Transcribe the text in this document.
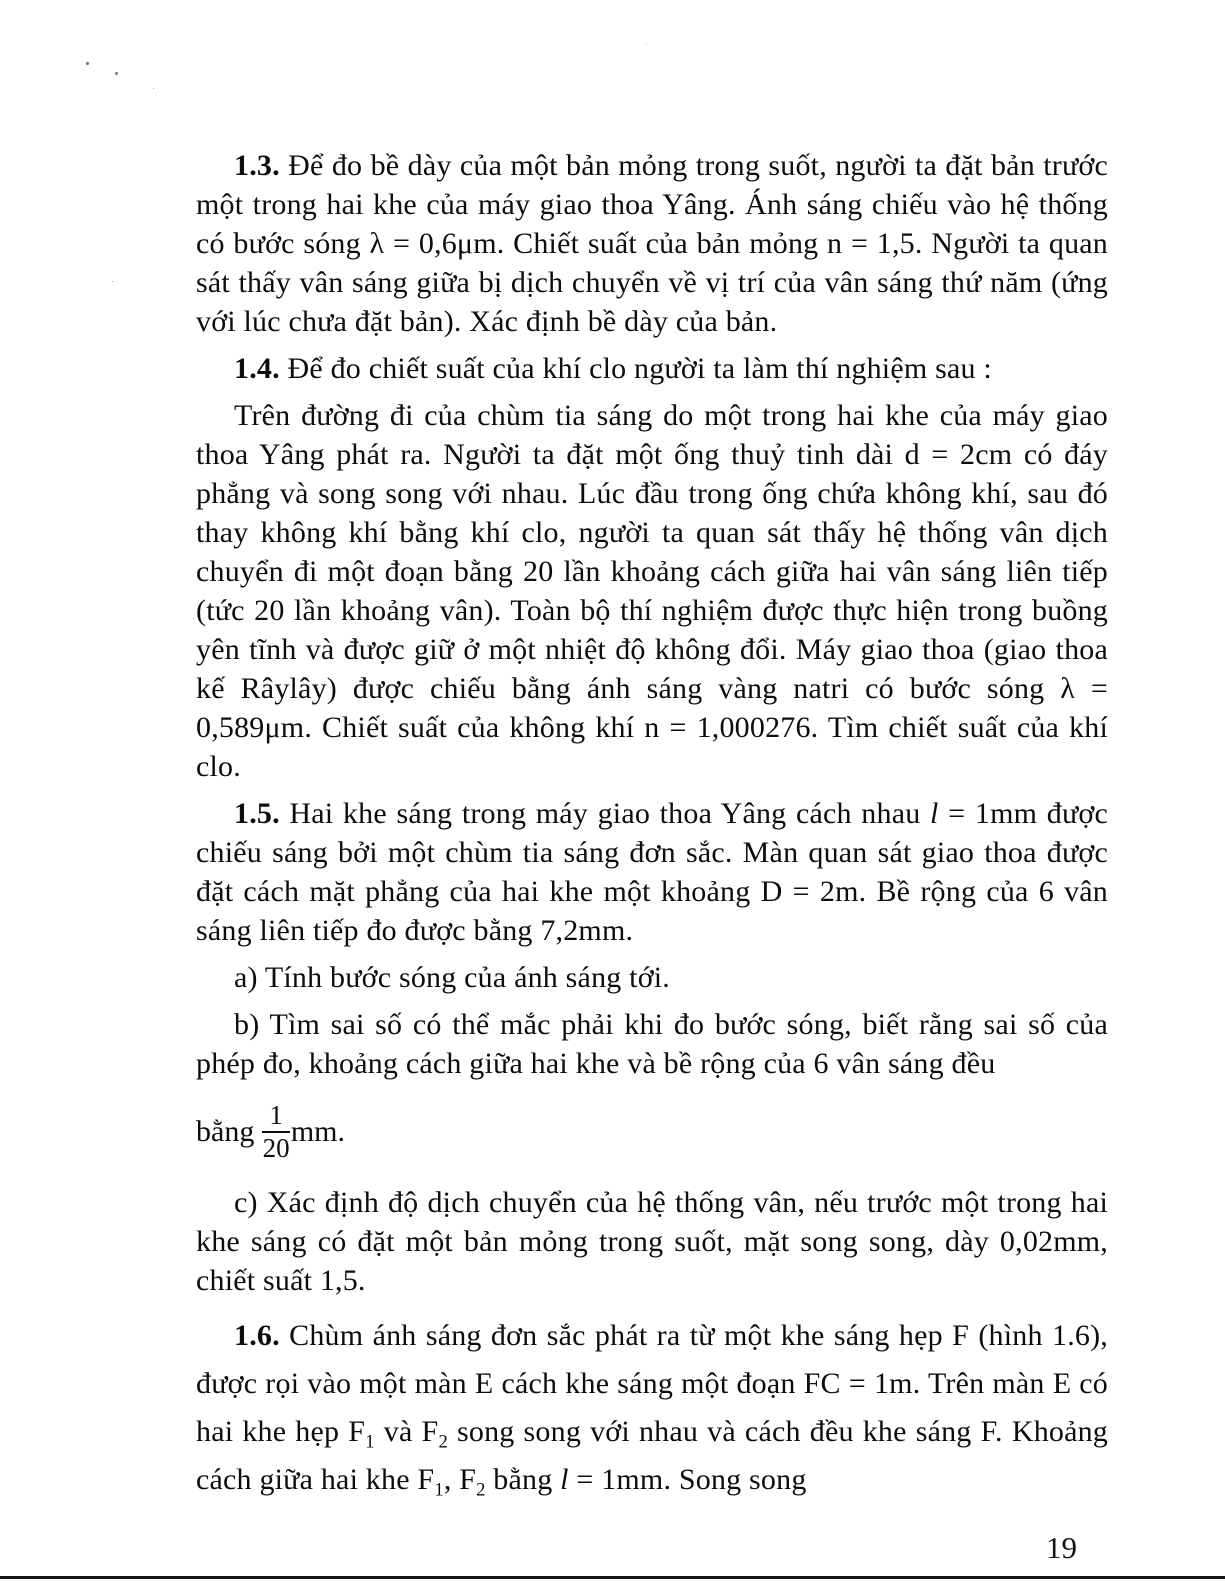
1.3. Để đo bề dày của một bản mỏng trong suốt, người ta đặt bản trước một trong hai khe của máy giao thoa Yâng. Ánh sáng chiếu vào hệ thống có bước sóng λ = 0,6μm. Chiết suất của bản mỏng n = 1,5. Người ta quan sát thấy vân sáng giữa bị dịch chuyển về vị trí của vân sáng thứ năm (ứng với lúc chưa đặt bản). Xác định bề dày của bản.

1.4. Để đo chiết suất của khí clo người ta làm thí nghiệm sau :

Trên đường đi của chùm tia sáng do một trong hai khe của máy giao thoa Yâng phát ra. Người ta đặt một ống thuỷ tinh dài d = 2cm có đáy phẳng và song song với nhau. Lúc đầu trong ống chứa không khí, sau đó thay không khí bằng khí clo, người ta quan sát thấy hệ thống vân dịch chuyển đi một đoạn bằng 20 lần khoảng cách giữa hai vân sáng liên tiếp (tức 20 lần khoảng vân). Toàn bộ thí nghiệm được thực hiện trong buồng yên tĩnh và được giữ ở một nhiệt độ không đổi. Máy giao thoa (giao thoa kế Râylây) được chiếu bằng ánh sáng vàng natri có bước sóng λ = 0,589μm. Chiết suất của không khí n = 1,000276. Tìm chiết suất của khí clo.

1.5. Hai khe sáng trong máy giao thoa Yâng cách nhau l = 1mm được chiếu sáng bởi một chùm tia sáng đơn sắc. Màn quan sát giao thoa được đặt cách mặt phẳng của hai khe một khoảng D = 2m. Bề rộng của 6 vân sáng liên tiếp đo được bằng 7,2mm.

a) Tính bước sóng của ánh sáng tới.

b) Tìm sai số có thể mắc phải khi đo bước sóng, biết rằng sai số của phép đo, khoảng cách giữa hai khe và bề rộng của 6 vân sáng đều

bằng $\frac{1}{20}$ mm.

c) Xác định độ dịch chuyển của hệ thống vân, nếu trước một trong hai khe sáng có đặt một bản mỏng trong suốt, mặt song song, dày 0,02mm, chiết suất 1,5.

1.6. Chùm ánh sáng đơn sắc phát ra từ một khe sáng hẹp F (hình 1.6), được rọi vào một màn E cách khe sáng một đoạn FC = 1m. Trên màn E có hai khe hẹp $F_1$ và $F_2$ song song với nhau và cách đều khe sáng F. Khoảng cách giữa hai khe $F_1$, $F_2$ bằng l = 1mm. Song song

19
